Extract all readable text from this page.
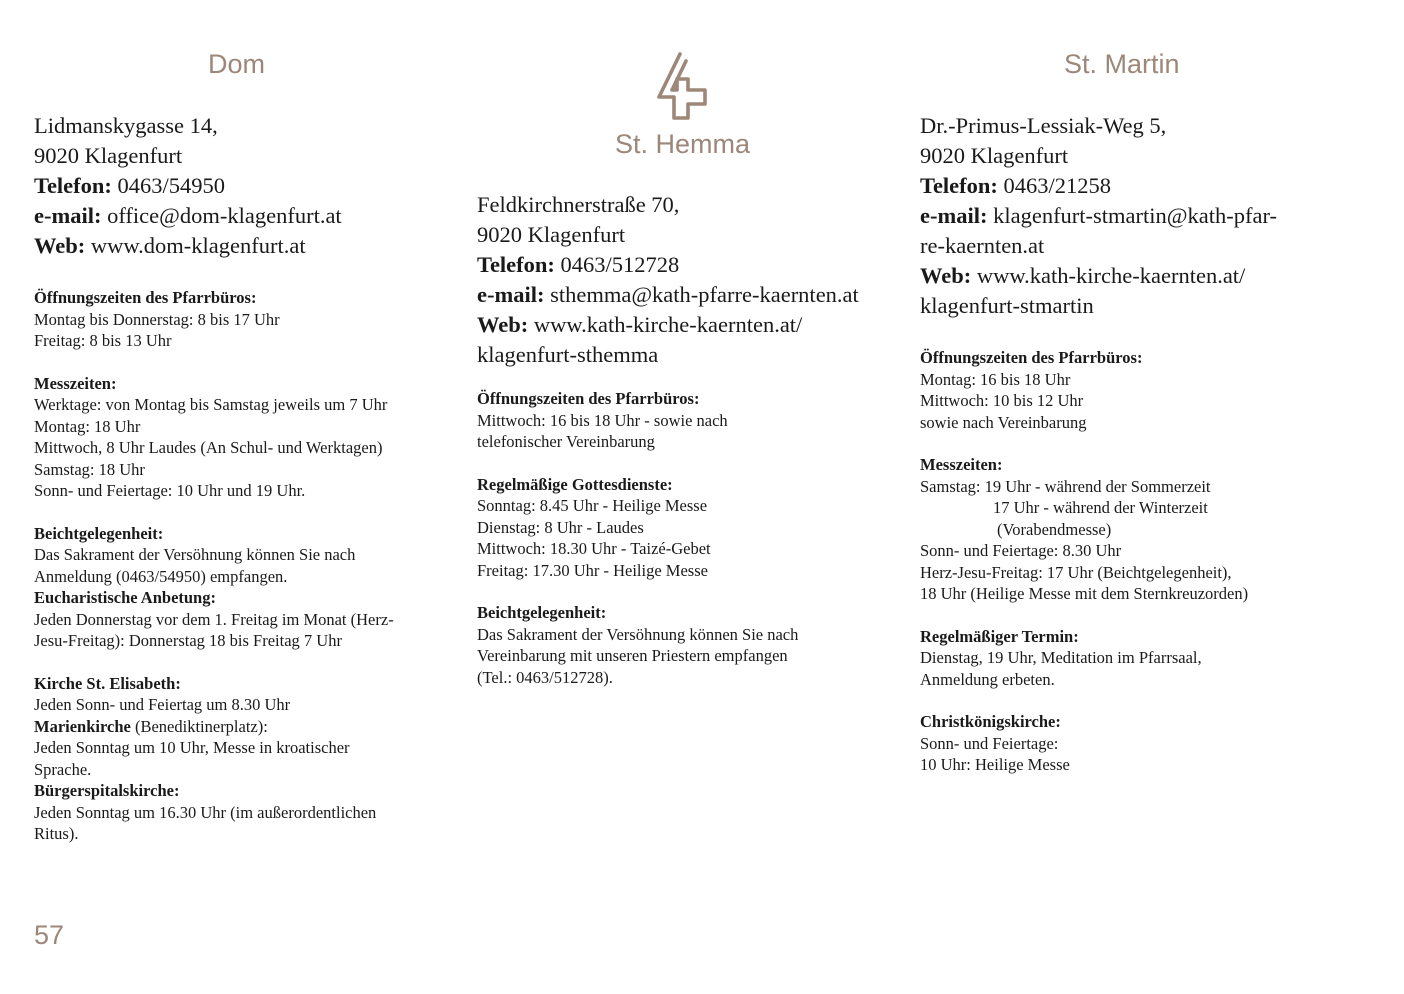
Dom
Lidmanskygasse 14,
9020 Klagenfurt
Telefon: 0463/54950
e-mail: office@dom-klagenfurt.at
Web: www.dom-klagenfurt.at
Öffnungszeiten des Pfarrbüros:
Montag bis Donnerstag: 8 bis 17 Uhr
Freitag: 8 bis 13 Uhr
Messzeiten:
Werktage: von Montag bis Samstag jeweils um 7 Uhr
Montag: 18 Uhr
Mittwoch, 8 Uhr Laudes (An Schul- und Werktagen)
Samstag: 18 Uhr
Sonn- und Feiertage: 10 Uhr und 19 Uhr.
Beichtgelegenheit:
Das Sakrament der Versöhnung können Sie nach
Anmeldung (0463/54950) empfangen.
Eucharistische Anbetung:
Jeden Donnerstag vor dem 1. Freitag im Monat (Herz-
Jesu-Freitag): Donnerstag 18 bis Freitag 7 Uhr
Kirche St. Elisabeth:
Jeden Sonn- und Feiertag um 8.30 Uhr
Marienkirche (Benediktinerplatz):
Jeden Sonntag um 10 Uhr, Messe in kroatischer
Sprache.
Bürgerspitalskirche:
Jeden Sonntag um 16.30 Uhr (im außerordentlichen
Ritus).
St. Hemma
Feldkirchnerstraße 70,
9020 Klagenfurt
Telefon: 0463/512728
e-mail: sthemma@kath-pfarre-kaernten.at
Web: www.kath-kirche-kaernten.at/
klagenfurt-sthemma
Öffnungszeiten des Pfarrbüros:
Mittwoch: 16 bis 18 Uhr - sowie nach
telefonischer Vereinbarung
Regelmäßige Gottesdienste:
Sonntag: 8.45 Uhr - Heilige Messe
Dienstag: 8 Uhr - Laudes
Mittwoch: 18.30 Uhr - Taizé-Gebet
Freitag: 17.30 Uhr - Heilige Messe
Beichtgelegenheit:
Das Sakrament der Versöhnung können Sie nach
Vereinbarung mit unseren Priestern empfangen
(Tel.: 0463/512728).
St. Martin
Dr.-Primus-Lessiak-Weg 5,
9020 Klagenfurt
Telefon: 0463/21258
e-mail: klagenfurt-stmartin@kath-pfar-
re-kaernten.at
Web: www.kath-kirche-kaernten.at/
klagenfurt-stmartin
Öffnungszeiten des Pfarrbüros:
Montag: 16 bis 18 Uhr
Mittwoch: 10 bis 12 Uhr
sowie nach Vereinbarung
Messzeiten:
Samstag: 19 Uhr - während der Sommerzeit
17 Uhr - während der Winterzeit
(Vorabendmesse)
Sonn- und Feiertage: 8.30 Uhr
Herz-Jesu-Freitag: 17 Uhr (Beichtgelegenheit),
18 Uhr (Heilige Messe mit dem Sternkreuzorden)
Regelmäßiger Termin:
Dienstag, 19 Uhr, Meditation im Pfarrsaal,
Anmeldung erbeten.
Christkönigskirche:
Sonn- und Feiertage:
10 Uhr: Heilige Messe
57
